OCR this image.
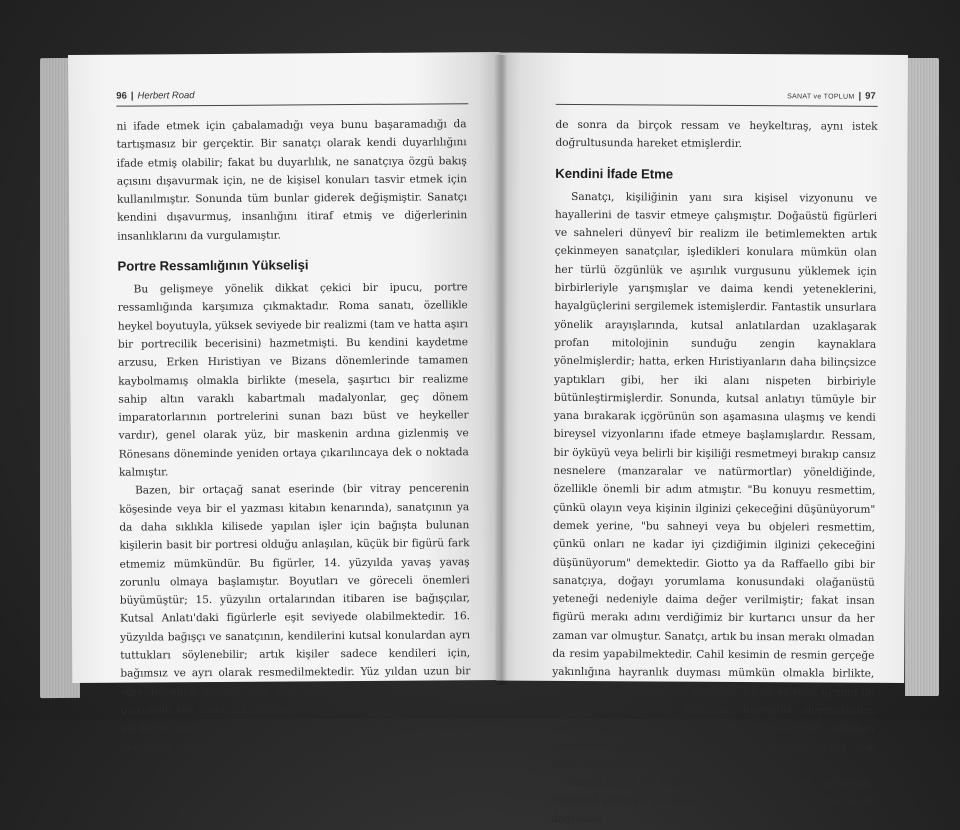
96 | Herbert Road

ni ifade etmek için çabalamadığı veya bunu başaramadığı da tartışmasız bir gerçektir. Bir sanatçı olarak kendi duyarlılığını ifade etmiş olabilir; fakat bu duyarlılık, ne sanatçıya özgü bakış açısını dışavurmak için, ne de kişisel konuları tasvir etmek için kullanılmıştır. Sonunda tüm bunlar giderek değişmiştir. Sanatçı kendini dışavurmuş, insanlığını itiraf etmiş ve diğerlerinin insanlıklarını da vurgulamıştır.

Portre Ressamlığının Yükselişi

Bu gelişmeye yönelik dikkat çekici bir ipucu, portre ressamlığında karşımıza çıkmaktadır. Roma sanatı, özellikle heykel boyutuyla, yüksek seviyede bir realizmi (tam ve hatta aşırı bir portrecilik becerisini) hazmetmişti. Bu kendini kaydetme arzusu, Erken Hıristiyan ve Bizans dönemlerinde tamamen kaybolmamış olmakla birlikte (mesela, şaşırtıcı bir realizme sahip altın varaklı kabartmalı madalyonlar, geç dönem imparatorlarının portrelerini sunan bazı büst ve heykeller vardır), genel olarak yüz, bir maskenin ardına gizlenmiş ve Rönesans döneminde yeniden ortaya çıkarılıncaya dek o noktada kalmıştır.

Bazen, bir ortaçağ sanat eserinde (bir vitray pencerenin köşesinde veya bir el yazması kitabın kenarında), sanatçının ya da daha sıklıkla kilisede yapılan işler için bağışta bulunan kişilerin basit bir portresi olduğu anlaşılan, küçük bir figürü fark etmemiz mümkündür. Bu figürler, 14. yüzyılda yavaş yavaş zorunlu olmaya başlamıştır. Boyutları ve göreceli önemleri büyümüştür; 15. yüzyılın ortalarından itibaren ise bağışçılar, Kutsal Anlatı'daki figürlerle eşit seviyede olabilmektedir. 16. yüzyılda bağışçı ve sanatçının, kendilerini kutsal konulardan ayrı tuttukları söylenebilir; artık kişiler sadece kendileri için, bağımsız ve ayrı olarak resmedilmektedir. Yüz yıldan uzun bir süre boyunca sanatın tüm hedefi, insan kişiliğinin temsilinde psikolojik bir ifadecilik, benzerlik ve güncellik geliştirmek gibi görünmektedir. Raffaello'nun çabaları, bu hedefte doruk noktasına ulaşmıştır; Raffaello'dan önce

SANAT ve TOPLUM | 97

de sonra da birçok ressam ve heykeltıraş, aynı istek doğrultusunda hareket etmişlerdir.

Kendini İfade Etme

Sanatçı, kişiliğinin yanı sıra kişisel vizyonunu ve hayallerini de tasvir etmeye çalışmıştır. Doğaüstü figürleri ve sahneleri dünyevî bir realizm ile betimlemekten artık çekinmeyen sanatçılar, işledikleri konulara mümkün olan her türlü özgünlük ve aşırılık vurgusunu yüklemek için birbirleriyle yarışmışlar ve daima kendi yeteneklerini, hayalgüçlerini sergilemek istemişlerdir. Fantastik unsurlara yönelik arayışlarında, kutsal anlatılardan uzaklaşarak profan mitolojinin sunduğu zengin kaynaklara yönelmişlerdir; hatta, erken Hıristiyanların daha bilinçsizce yaptıkları gibi, her iki alanı nispeten birbiriyle bütünleştirmişlerdir. Sonunda, kutsal anlatıyı tümüyle bir yana bırakarak içgörünün son aşamasına ulaşmış ve kendi bireysel vizyonlarını ifade etmeye başlamışlardır. Ressam, bir öyküyü veya belirli bir kişiliği resmetmeyi bırakıp cansız nesnelere (manzaralar ve natürmortlar) yöneldiğinde, özellikle önemli bir adım atmıştır. "Bu konuyu resmettim, çünkü olayın veya kişinin ilginizi çekeceğini düşünüyorum" demek yerine, "bu sahneyi veya bu objeleri resmettim, çünkü onları ne kadar iyi çizdiğimin ilginizi çekeceğini düşünüyorum" demektedir. Giotto ya da Raffaello gibi bir sanatçıya, doğayı yorumlama konusundaki olağanüstü yeteneği nedeniyle daima değer verilmiştir; fakat insan figürü merakı adını verdiğimiz bir kurtarıcı unsur da her zaman var olmuştur. Sanatçı, artık bu insan merakı olmadan da resim yapabilmektedir. Cahil kesimin de resmin gerçeğe yakınlığına hayranlık duyması mümkün olmakla birlikte, ressamın hedefindeki asıl topluluk, biçim ve renk uyumu ile ifade edilen sanatçı kişiliğine hayranlık duymaktadır. Sanatçılar bu eğilimi daha da geliştirdikçe, sıradan insanların anlayışı ve takdirinden kendilerini daha çok koparmışlardır.

Bulgularımız bu noktada tamamlanıyor; tüm çağlardaki varlığına şüpheyle yaklaşsak da, sanat ile toplum arasındaki doğrudan
